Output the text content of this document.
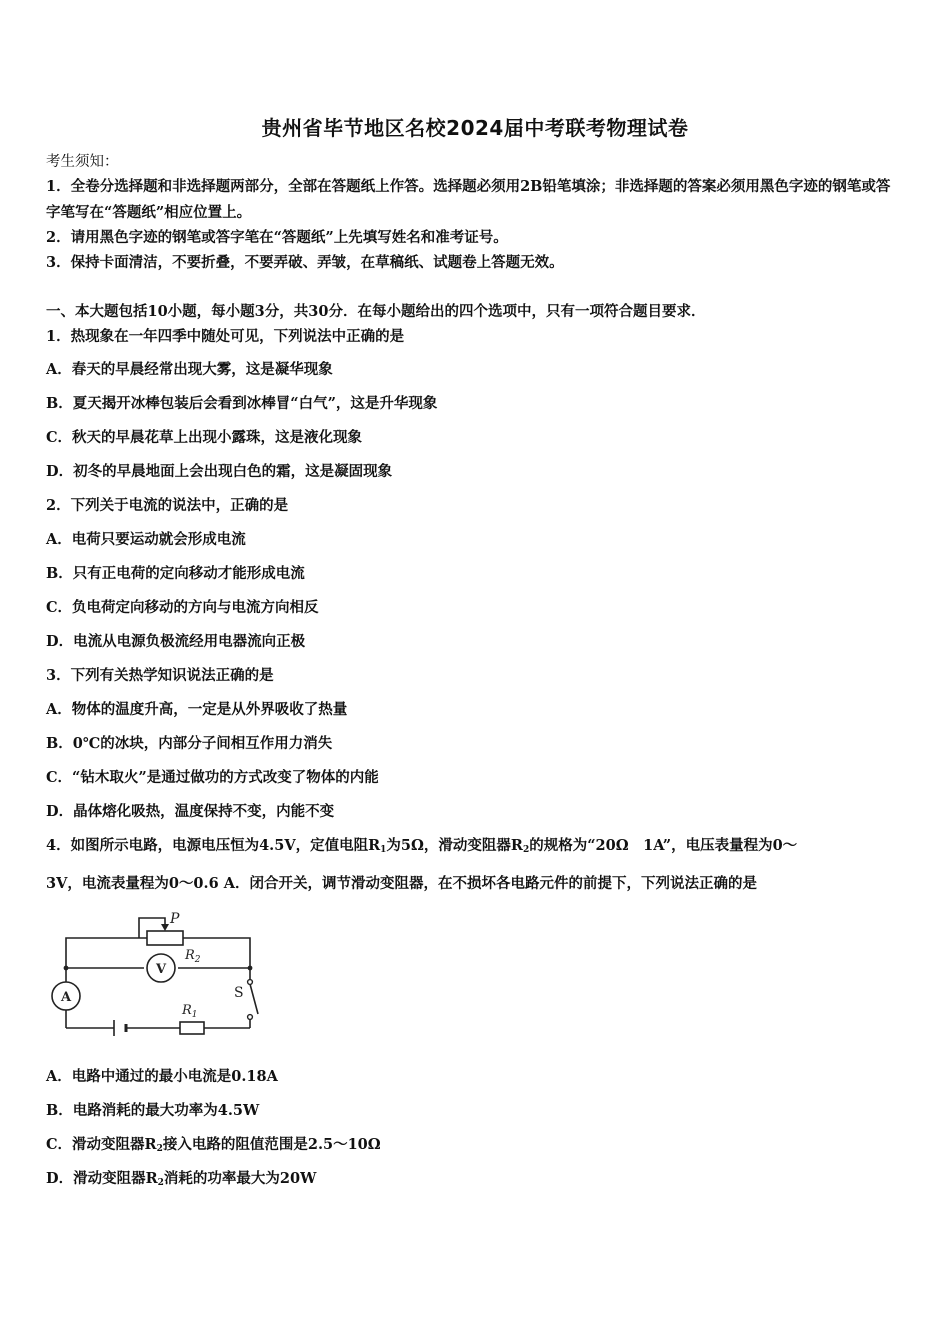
贵州省毕节地区名校2024届中考联考物理试卷
考生须知：
1．全卷分选择题和非选择题两部分，全部在答题纸上作答。选择题必须用2B铅笔填涂；非选择题的答案必须用黑色字迹的钢笔或答字笔写在“答题纸”相应位置上。
2．请用黑色字迹的钢笔或答字笔在“答题纸”上先填写姓名和准考证号。
3．保持卡面清洁，不要折叠，不要弄破、弄皱，在草稿纸、试题卷上答题无效。
一、本大题包括10小题，每小题3分，共30分．在每小题给出的四个选项中，只有一项符合题目要求．
1．热现象在一年四季中随处可见，下列说法中正确的是
A．春天的早晨经常出现大雾，这是凝华现象
B．夏天揭开冰棒包装后会看到冰棒冒“白气”，这是升华现象
C．秋天的早晨花草上出现小露珠，这是液化现象
D．初冬的早晨地面上会出现白色的霜，这是凝固现象
2．下列关于电流的说法中，正确的是
A．电荷只要运动就会形成电流
B．只有正电荷的定向移动才能形成电流
C．负电荷定向移动的方向与电流方向相反
D．电流从电源负极流经用电器流向正极
3．下列有关热学知识说法正确的是
A．物体的温度升高，一定是从外界吸收了热量
B．0℃的冰块，内部分子间相互作用力消失
C．“钻木取火”是通过做功的方式改变了物体的内能
D．晶体熔化吸热，温度保持不变，内能不变
4．如图所示电路，电源电压恒为4.5V，定值电阻$R_1$为5Ω，滑动变阻器$R_2$的规格为“20Ω　1A”，电压表量程为0～
3V，电流表量程为0～0.6 A．闭合开关，调节滑动变阻器，在不损坏各电路元件的前提下，下列说法正确的是
P
$R_2$
V
A	S
$R_1$
A．电路中通过的最小电流是0.18A
B．电路消耗的最大功率为4.5W
C．滑动变阻器$R_2$接入电路的阻值范围是2.5～10Ω
D．滑动变阻器$R_2$消耗的功率最大为20W
